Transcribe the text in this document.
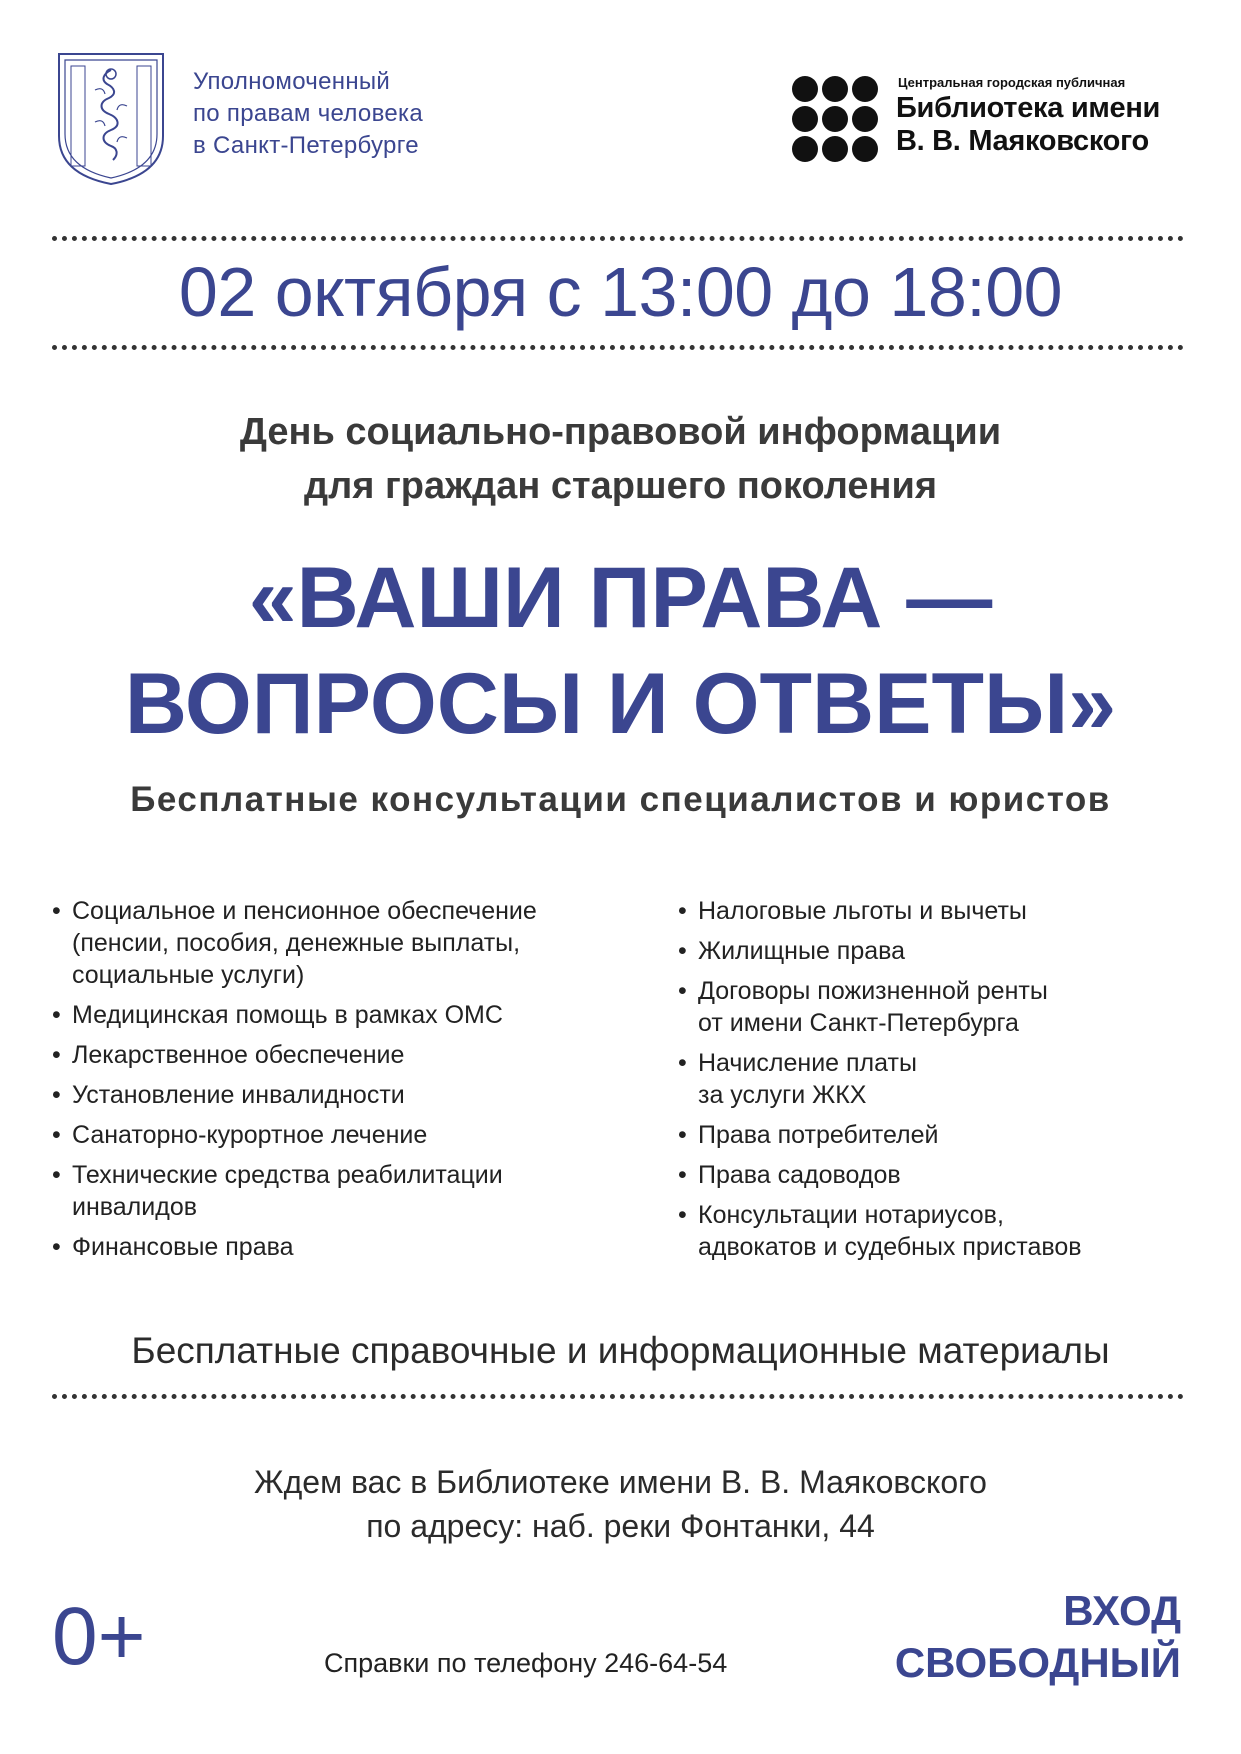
Уполномоченный
по правам человека
в Санкт-Петербурге
Центральная городская публичная
Библиотека имени
В. В. Маяковского
02 октября с 13:00 до 18:00
День социально-правовой информации
для граждан старшего поколения
«ВАШИ ПРАВА —
ВОПРОСЫ И ОТВЕТЫ»
Бесплатные консультации специалистов и юристов
• Социальное и пенсионное обеспечение
(пенсии, пособия, денежные выплаты,
социальные услуги)
• Медицинская помощь в рамках ОМС
• Лекарственное обеспечение
• Установление инвалидности
• Санаторно-курортное лечение
• Технические средства реабилитации
инвалидов
• Финансовые права
• Налоговые льготы и вычеты
• Жилищные права
• Договоры пожизненной ренты
от имени Санкт-Петербурга
• Начисление платы
за услуги ЖКХ
• Права потребителей
• Права садоводов
• Консультации нотариусов,
адвокатов и судебных приставов
Бесплатные справочные и информационные материалы
Ждем вас в Библиотеке имени В. В. Маяковского
по адресу: наб. реки Фонтанки, 44
0+	Справки по телефону 246-64-54
ВХОД
СВОБОДНЫЙ
